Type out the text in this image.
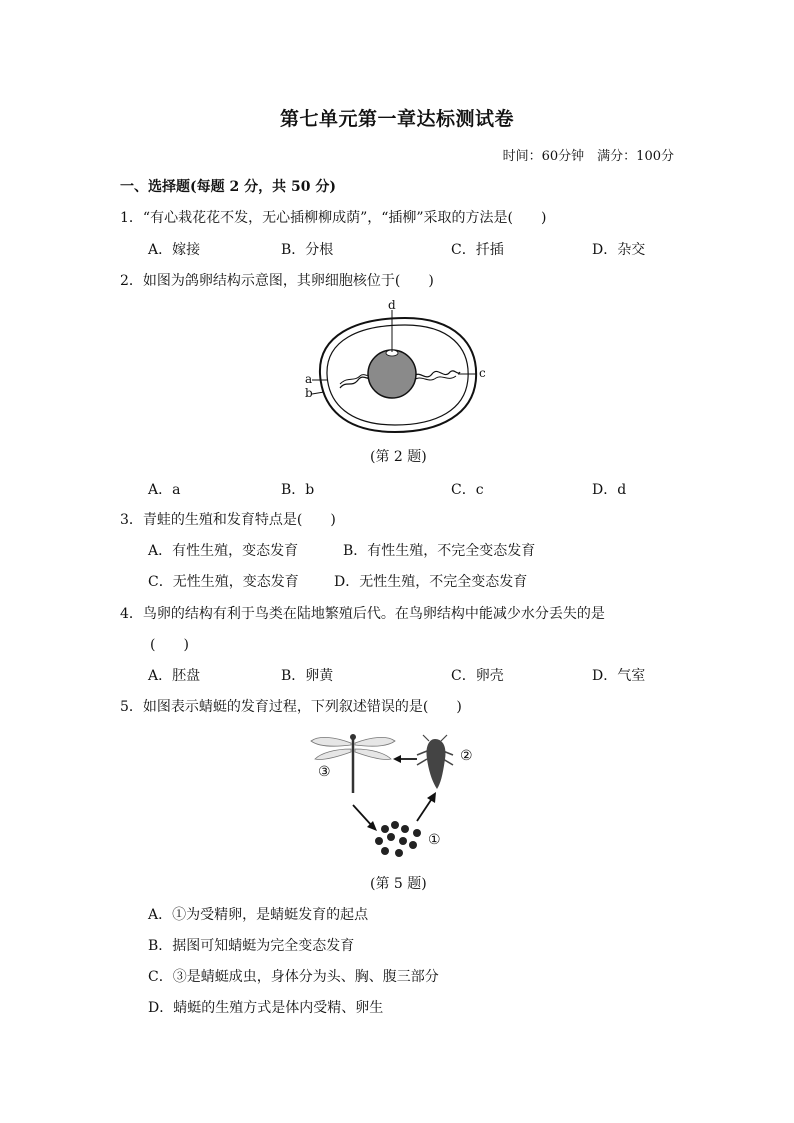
第七单元第一章达标测试卷
时间：60分钟　满分：100分
一、选择题(每题 2 分，共 50 分)
1．“有心栽花花不发，无心插柳柳成荫”，“插柳”采取的方法是(　　)
A．嫁接	B．分根	C．扦插	D．杂交
2．如图为鸽卵结构示意图，其卵细胞核位于(　　)
d
c
a
b
(第 2 题)
A．a	B．b	C．c	D．d
3．青蛙的生殖和发育特点是(　　)
A．有性生殖，变态发育	B．有性生殖，不完全变态发育
C．无性生殖，变态发育	D．无性生殖，不完全变态发育
4．鸟卵的结构有利于鸟类在陆地繁殖后代。在鸟卵结构中能减少水分丢失的是
(　　)
A．胚盘	B．卵黄	C．卵壳	D．气室
5．如图表示蜻蜓的发育过程，下列叙述错误的是(　　)
③
②
①
(第 5 题)
A．①为受精卵，是蜻蜓发育的起点
B．据图可知蜻蜓为完全变态发育
C．③是蜻蜓成虫，身体分为头、胸、腹三部分
D．蜻蜓的生殖方式是体内受精、卵生
